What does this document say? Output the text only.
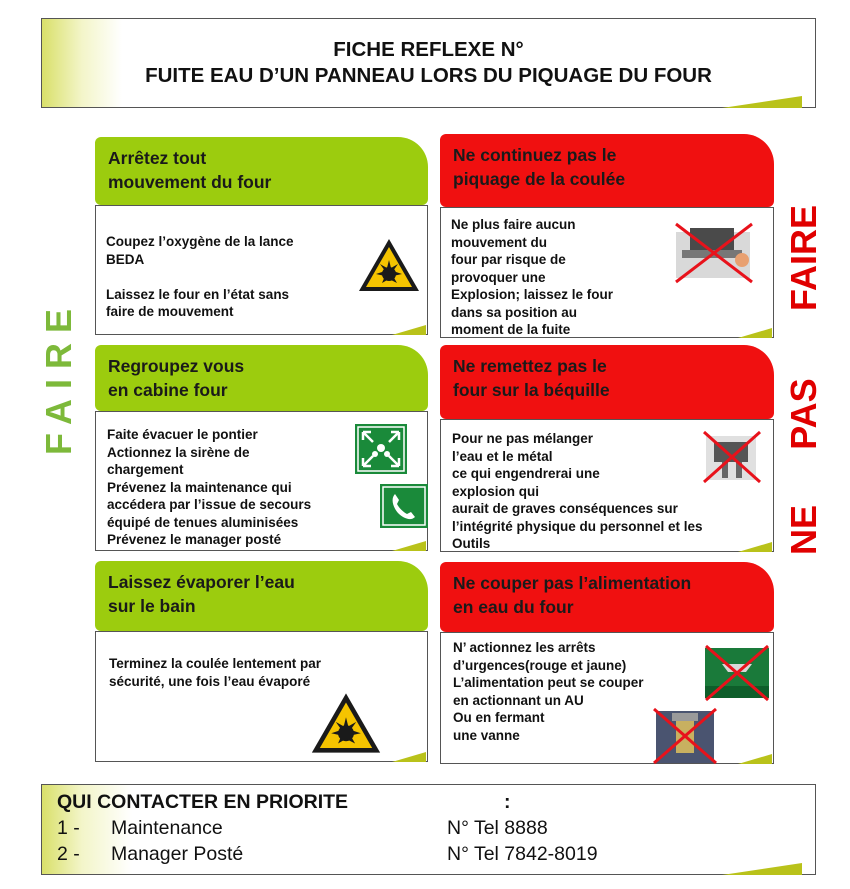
FICHE REFLEXE N°
FUITE EAU D’UN PANNEAU LORS DU PIQUAGE DU FOUR
FAIRE
FAIRE
PAS
NE
Arrêtez tout
mouvement du four
Coupez l’oxygène de la lance
BEDA
Laissez le four en l’état sans
faire de mouvement
Regroupez vous
en cabine four
Faite évacuer le pontier
Actionnez la sirène de
chargement
Prévenez la maintenance qui
accédera par l’issue de secours
équipé de tenues aluminisées
Prévenez le manager posté
Laissez évaporer l’eau
sur le bain
Terminez la coulée lentement par
sécurité, une fois l’eau évaporé
Ne continuez pas le
piquage de la coulée
Ne plus faire aucun
mouvement du
four par risque de
provoquer une
Explosion; laissez le four
dans sa position au
moment de la fuite
Ne remettez pas le
four sur la béquille
Pour ne pas mélanger
l’eau et le métal
ce qui engendrerai une
explosion qui
aurait de graves conséquences sur
l’intégrité physique du personnel et les
Outils
Ne couper pas l’alimentation
en eau du four
N’ actionnez les arrêts
d’urgences(rouge et jaune)
L’alimentation peut se couper
en actionnant un AU
Ou en fermant
une vanne
QUI CONTACTER EN PRIORITE	:
1 - Maintenance	N° Tel 8888
2 - Manager Posté	N° Tel 7842-8019
